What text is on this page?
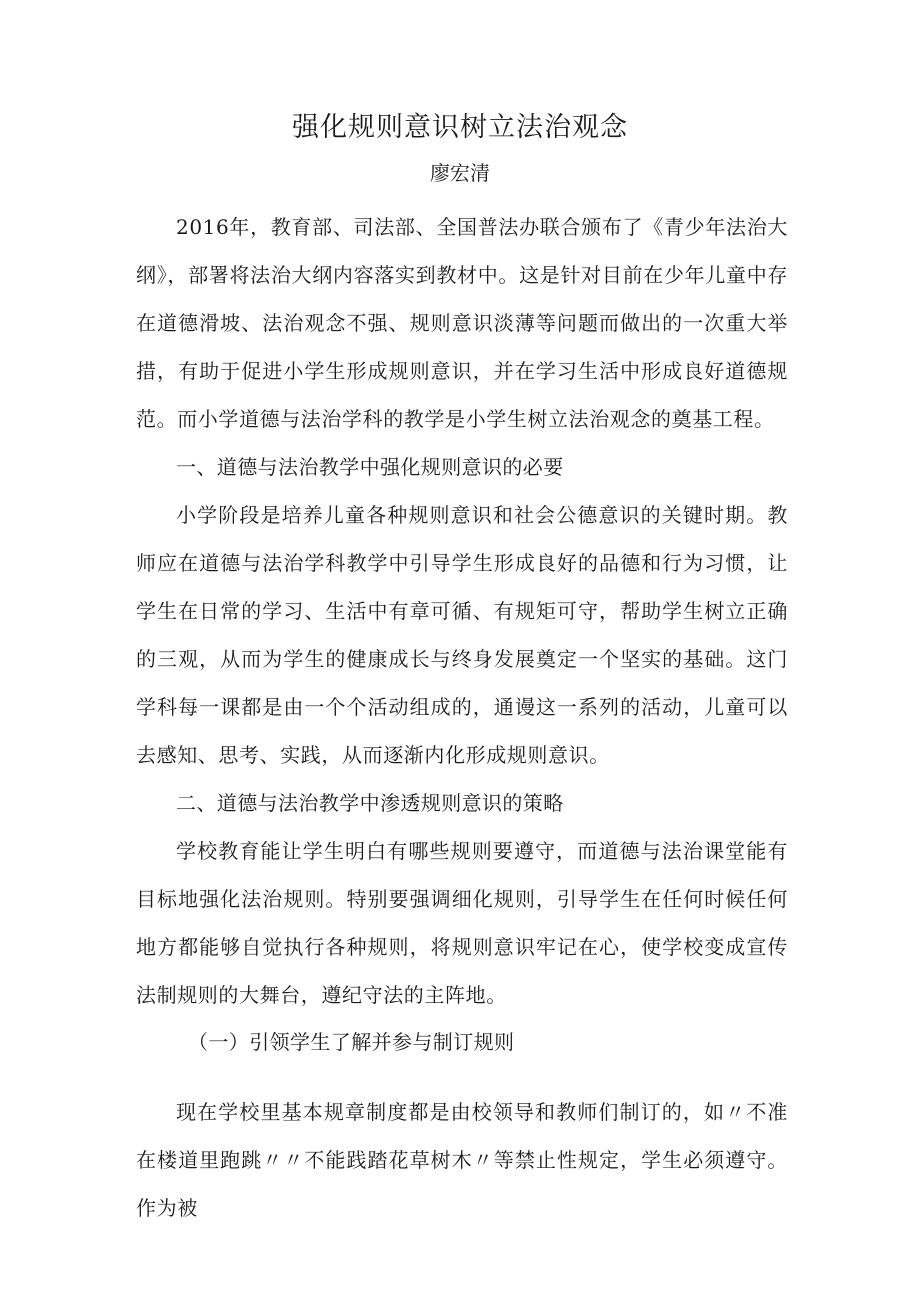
强化规则意识树立法治观念

廖宏清

2016年，教育部、司法部、全国普法办联合颁布了《青少年法治大纲》，部署将法治大纲内容落实到教材中。这是针对目前在少年儿童中存在道德滑坡、法治观念不强、规则意识淡薄等问题而做出的一次重大举措，有助于促进小学生形成规则意识，并在学习生活中形成良好道德规范。而小学道德与法治学科的教学是小学生树立法治观念的奠基工程。

一、道德与法治教学中强化规则意识的必要

小学阶段是培养儿童各种规则意识和社会公德意识的关键时期。教师应在道德与法治学科教学中引导学生形成良好的品德和行为习惯，让学生在日常的学习、生活中有章可循、有规矩可守，帮助学生树立正确的三观，从而为学生的健康成长与终身发展奠定一个坚实的基础。这门学科每一课都是由一个个活动组成的，通谩这一系列的活动，儿童可以去感知、思考、实践，从而逐渐内化形成规则意识。

二、道德与法治教学中渗透规则意识的策略

学校教育能让学生明白有哪些规则要遵守，而道德与法治课堂能有目标地强化法治规则。特别要强调细化规则，引导学生在任何时候任何地方都能够自觉执行各种规则，将规则意识牢记在心，使学校变成宣传法制规则的大舞台，遵纪守法的主阵地。

（一）引领学生了解并参与制订规则

现在学校里基本规章制度都是由校领导和教师们制订的，如〃不准在楼道里跑跳〃〃不能践踏花草树木〃等禁止性规定，学生必须遵守。作为被
